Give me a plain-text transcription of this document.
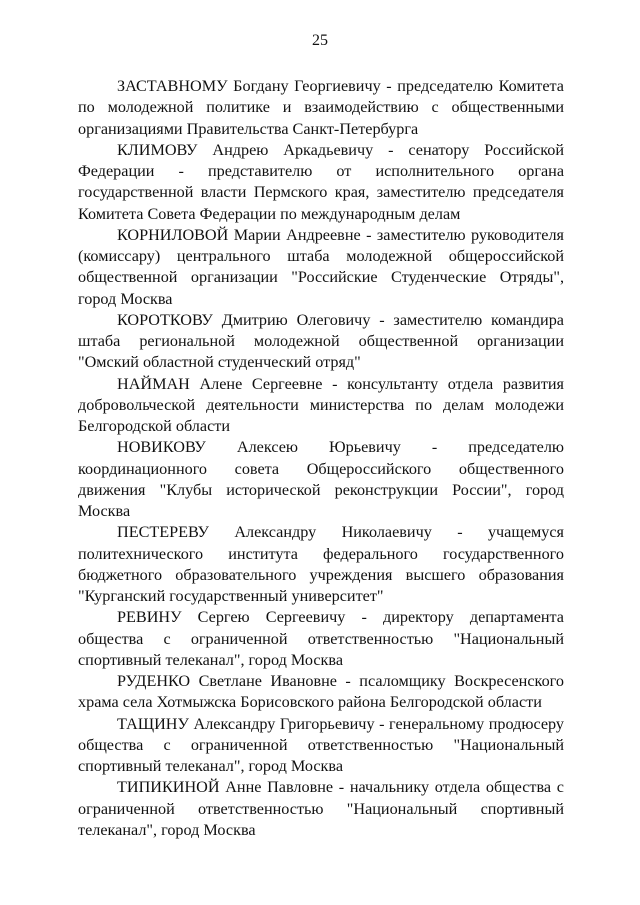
25

ЗАСТАВНОМУ Богдану Георгиевичу - председателю Комитета по молодежной политике и взаимодействию с общественными организациями Правительства Санкт-Петербурга

КЛИМОВУ Андрею Аркадьевичу - сенатору Российской Федерации - представителю от исполнительного органа государственной власти Пермского края, заместителю председателя Комитета Совета Федерации по международным делам

КОРНИЛОВОЙ Марии Андреевне - заместителю руководителя (комиссару) центрального штаба молодежной общероссийской общественной организации "Российские Студенческие Отряды", город Москва

КОРОТКОВУ Дмитрию Олеговичу - заместителю командира штаба региональной молодежной общественной организации "Омский областной студенческий отряд"

НАЙМАН Алене Сергеевне - консультанту отдела развития добровольческой деятельности министерства по делам молодежи Белгородской области

НОВИКОВУ Алексею Юрьевичу - председателю координационного совета Общероссийского общественного движения "Клубы исторической реконструкции России", город Москва

ПЕСТЕРЕВУ Александру Николаевичу - учащемуся политехнического института федерального государственного бюджетного образовательного учреждения высшего образования "Курганский государственный университет"

РЕВИНУ Сергею Сергеевичу - директору департамента общества с ограниченной ответственностью "Национальный спортивный телеканал", город Москва

РУДЕНКО Светлане Ивановне - псаломщику Воскресенского храма села Хотмыжска Борисовского района Белгородской области

ТАЩИНУ Александру Григорьевичу - генеральному продюсеру общества с ограниченной ответственностью "Национальный спортивный телеканал", город Москва

ТИПИКИНОЙ Анне Павловне - начальнику отдела общества с ограниченной ответственностью "Национальный спортивный телеканал", город Москва
